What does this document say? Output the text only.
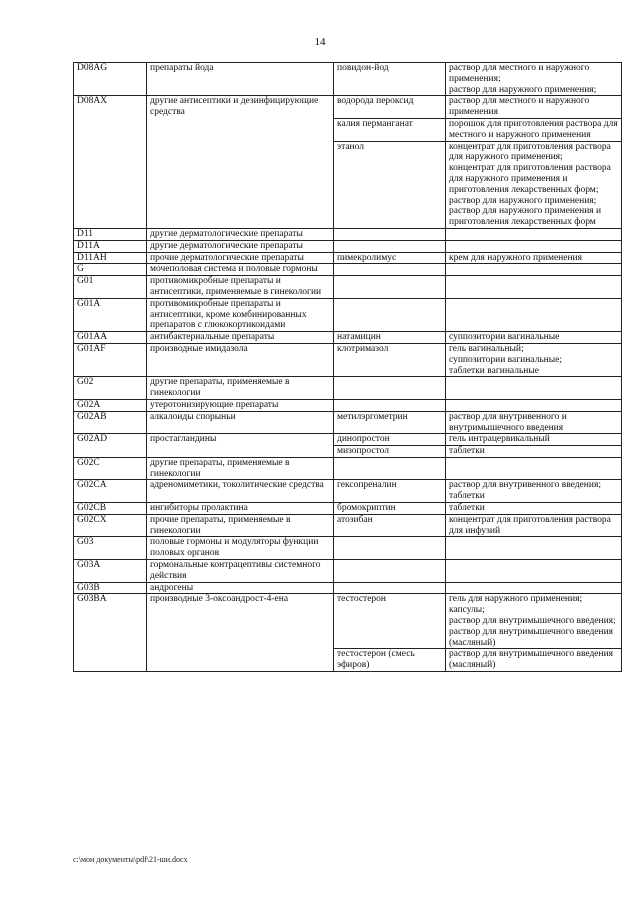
14
D08AG	препараты йода	повидон-йод	раствор для местного и наружного применения;
раствор для наружного применения;
D08AX	другие антисептики и дезинфицирующие средства	водорода пероксид	раствор для местного и наружного применения
		калия перманганат	порошок для приготовления раствора для местного и наружного применения
		этанол	концентрат для приготовления раствора для наружного применения;
концентрат для приготовления раствора для наружного применения и приготовления лекарственных форм;
раствор для наружного применения;
раствор для наружного применения и приготовления лекарственных форм
D11	другие дерматологические препараты		
D11A	другие дерматологические препараты		
D11AH	прочие дерматологические препараты	пимекролимус	крем для наружного применения
G	мочеполовая система и половые гормоны		
G01	противомикробные препараты и антисептики, применяемые в гинекологии		
G01A	противомикробные препараты и антисептики, кроме комбинированных препаратов с глюкокортикоидами		
G01AA	антибактериальные препараты	натамицин	суппозитории вагинальные
G01AF	производные имидазола	клотримазол	гель вагинальный;
суппозитории вагинальные;
таблетки вагинальные
G02	другие препараты, применяемые в гинекологии		
G02A	утеротонизирующие препараты		
G02AB	алкалоиды спорыньи	метилэргометрин	раствор для внутривенного и внутримышечного введения
G02AD	простагландины	динопростон	гель интрацервикальный
		мизопростол	таблетки
G02C	другие препараты, применяемые в гинекологии		
G02CA	адреномиметики, токолитические средства	гексопреналин	раствор для внутривенного введения;
таблетки
G02CB	ингибиторы пролактина	бромокриптин	таблетки
G02CX	прочие препараты, применяемые в гинекологии	атозибан	концентрат для приготовления раствора для инфузий
G03	половые гормоны и модуляторы функции половых органов		
G03A	гормональные контрацептивы системного действия		
G03B	андрогены		
G03BA	производные 3-оксоандрост-4-ена	тестостерон	гель для наружного применения;
капсулы;
раствор для внутримышечного введения;
раствор для внутримышечного введения (масляный)
		тестостерон (смесь эфиров)	раствор для внутримышечного введения (масляный)
c:\мои документы\pdf\21-ши.docx
